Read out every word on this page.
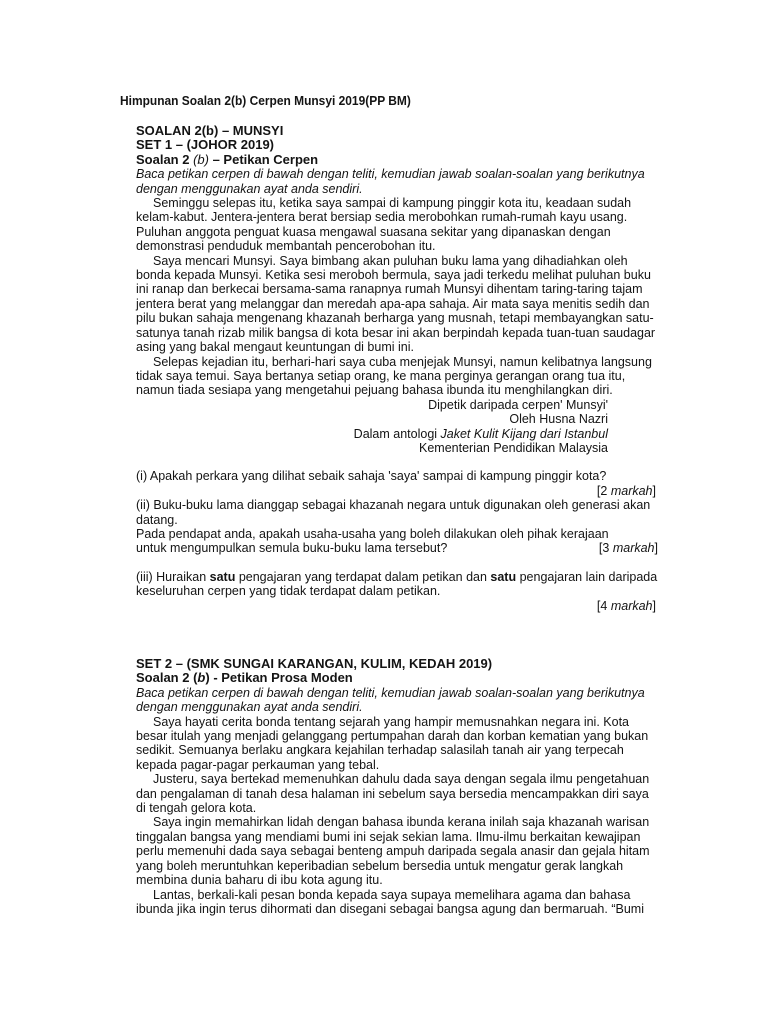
Himpunan Soalan 2(b) Cerpen Munsyi 2019(PP BM)
SOALAN 2(b) – MUNSYI
SET 1 – (JOHOR 2019)
Soalan 2 (b) – Petikan Cerpen

Baca petikan cerpen di bawah dengan teliti, kemudian jawab soalan-soalan yang berikutnya dengan menggunakan ayat anda sendiri.

Seminggu selepas itu, ketika saya sampai di kampung pinggir kota itu, keadaan sudah kelam-kabut. Jentera-jentera berat bersiap sedia merobohkan rumah-rumah kayu usang. Puluhan anggota penguat kuasa mengawal suasana sekitar yang dipanaskan dengan demonstrasi penduduk membantah pencerobohan itu.

Saya mencari Munsyi. Saya bimbang akan puluhan buku lama yang dihadiahkan oleh bonda kepada Munsyi. Ketika sesi meroboh bermula, saya jadi terkedu melihat puluhan buku ini ranap dan berkecai bersama-sama ranapnya rumah Munsyi dihentam taring-taring tajam jentera berat yang melanggar dan meredah apa-apa sahaja. Air mata saya menitis sedih dan pilu bukan sahaja mengenang khazanah berharga yang musnah, tetapi membayangkan satu-satunya tanah rizab milik bangsa di kota besar ini akan berpindah kepada tuan-tuan saudagar asing yang bakal mengaut keuntungan di bumi ini.

Selepas kejadian itu, berhari-hari saya cuba menjejak Munsyi, namun kelibatnya langsung tidak saya temui. Saya bertanya setiap orang, ke mana perginya gerangan orang tua itu, namun tiada sesiapa yang mengetahui pejuang bahasa ibunda itu menghilangkan diri.

Dipetik daripada cerpen' Munsyi'

Oleh Husna Nazri

Dalam antologi Jaket Kulit Kijang dari Istanbul

Kementerian Pendidikan Malaysia

(i) Apakah perkara yang dilihat sebaik sahaja 'saya' sampai di kampung pinggir kota?

[2 markah]

(ii) Buku-buku lama dianggap sebagai khazanah negara untuk digunakan oleh generasi akan datang.

Pada pendapat anda, apakah usaha-usaha yang boleh dilakukan oleh pihak kerajaan

untuk mengumpulkan semula buku-buku lama tersebut?	[3 markah]

(iii) Huraikan satu pengajaran yang terdapat dalam petikan dan satu pengajaran lain daripada keseluruhan cerpen yang tidak terdapat dalam petikan.

[4 markah]

SET 2 – (SMK SUNGAI KARANGAN, KULIM, KEDAH 2019)
Soalan 2 (b) - Petikan Prosa Moden

Baca petikan cerpen di bawah dengan teliti, kemudian jawab soalan-soalan yang berikutnya dengan menggunakan ayat anda sendiri.

Saya hayati cerita bonda tentang sejarah yang hampir memusnahkan negara ini. Kota besar itulah yang menjadi gelanggang pertumpahan darah dan korban kematian yang bukan sedikit. Semuanya berlaku angkara kejahilan terhadap salasilah tanah air yang terpecah kepada pagar-pagar perkauman yang tebal.

Justeru, saya bertekad memenuhkan dahulu dada saya dengan segala ilmu pengetahuan dan pengalaman di tanah desa halaman ini sebelum saya bersedia mencampakkan diri saya di tengah gelora kota.

Saya ingin memahirkan lidah dengan bahasa ibunda kerana inilah saja khazanah warisan tinggalan bangsa yang mendiami bumi ini sejak sekian lama. Ilmu-ilmu berkaitan kewajipan perlu memenuhi dada saya sebagai benteng ampuh daripada segala anasir dan gejala hitam yang boleh meruntuhkan keperibadian sebelum bersedia untuk mengatur gerak langkah membina dunia baharu di ibu kota agung itu.

Lantas, berkali-kali pesan bonda kepada saya supaya memelihara agama dan bahasa ibunda jika ingin terus dihormati dan disegani sebagai bangsa agung dan bermaruah. “Bumi
